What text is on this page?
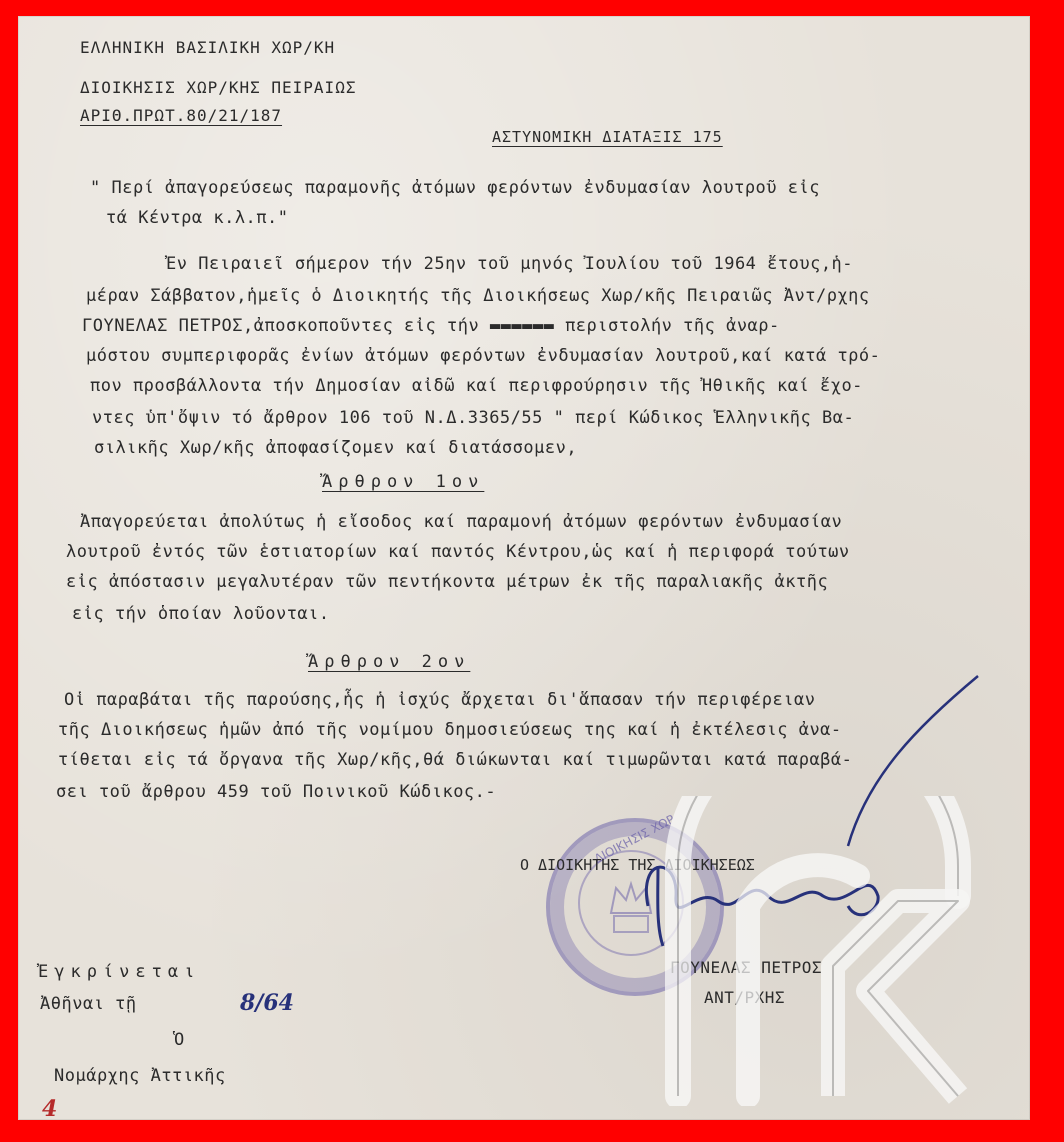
ΕΛΛΗΝΙΚΗ ΒΑΣΙΛΙΚΗ ΧΩΡ/ΚΗ
ΔΙΟΙΚΗΣΙΣ ΧΩΡ/ΚΗΣ ΠΕΙΡΑΙΩΣ
ΑΡΙΘ.ΠΡΩΤ.80/21/187
ΑΣΤΥΝΟΜΙΚΗ ΔΙΑΤΑΞΙΣ 175
" Περί ἀπαγορεύσεως παραμονῆς ἀτόμων φερόντων ἐνδυμασίαν λουτροῦ εἰς
τά Κέντρα κ.λ.π."
Ἐν Πειραιεῖ σήμερον τήν 25ην τοῦ μηνός Ἰουλίου τοῦ 1964 ἔτους,ἡ-
μέραν Σάββατον,ἡμεῖς ὁ Διοικητής τῆς Διοικήσεως Χωρ/κῆς Πειραιῶς Ἀντ/ρχης
ΓΟΥΝΕΛΑΣ ΠΕΤΡΟΣ,ἀποσκοποῦντες εἰς τήν ▬▬▬▬▬▬ περιστολήν τῆς ἀναρ-
μόστου συμπεριφορᾶς ἐνίων ἀτόμων φερόντων ἐνδυμασίαν λουτροῦ,καί κατά τρό-
πον προσβάλλοντα τήν Δημοσίαν αἰδῶ καί περιφρούρησιν τῆς Ἠθικῆς καί ἔχο-
ντες ὑπ'ὄψιν τό ἄρθρον 106 τοῦ Ν.Δ.3365/55 " περί Κώδικος Ἑλληνικῆς Βα-
σιλικῆς Χωρ/κῆς ἀποφασίζομεν καί διατάσσομεν,
Ἄρθρον 1ον
Ἀπαγορεύεται ἀπολύτως ἡ εἴσοδος καί παραμονή ἀτόμων φερόντων ἐνδυμασίαν
λουτροῦ ἐντός τῶν ἑστιατορίων καί παντός Κέντρου,ὡς καί ἡ περιφορά τούτων
εἰς ἀπόστασιν μεγαλυτέραν τῶν πεντήκοντα μέτρων ἐκ τῆς παραλιακῆς ἀκτῆς
εἰς τήν ὁποίαν λοῦονται.
Ἄρθρον 2ον
Οἱ παραβάται τῆς παρούσης,ἧς ἡ ἰσχύς ἄρχεται δι'ἅπασαν τήν περιφέρειαν
τῆς Διοικήσεως ἡμῶν ἀπό τῆς νομίμου δημοσιεύσεως της καί ἡ ἐκτέλεσις ἀνα-
τίθεται εἰς τά ὄργανα τῆς Χωρ/κῆς,θά διώκωνται καί τιμωρῶνται κατά παραβά-
σει τοῦ ἄρθρου 459 τοῦ Ποινικοῦ Κώδικος.-
ΔΙΟΙΚΗΣΙΣ ΧΩΡ
Ο ΔΙΟΙΚΗΤΗΣ ΤΗΣ ΔΙΟΙΚΗΣΕΩΣ
ΓΟΥΝΕΛΑΣ ΠΕΤΡΟΣ
ΑΝΤ/ΡΧΗΣ
Ἐγκρίνεται
Ἀθῆναι τῇ	8/64
Ὁ
Νομάρχης Ἀττικῆς
4
